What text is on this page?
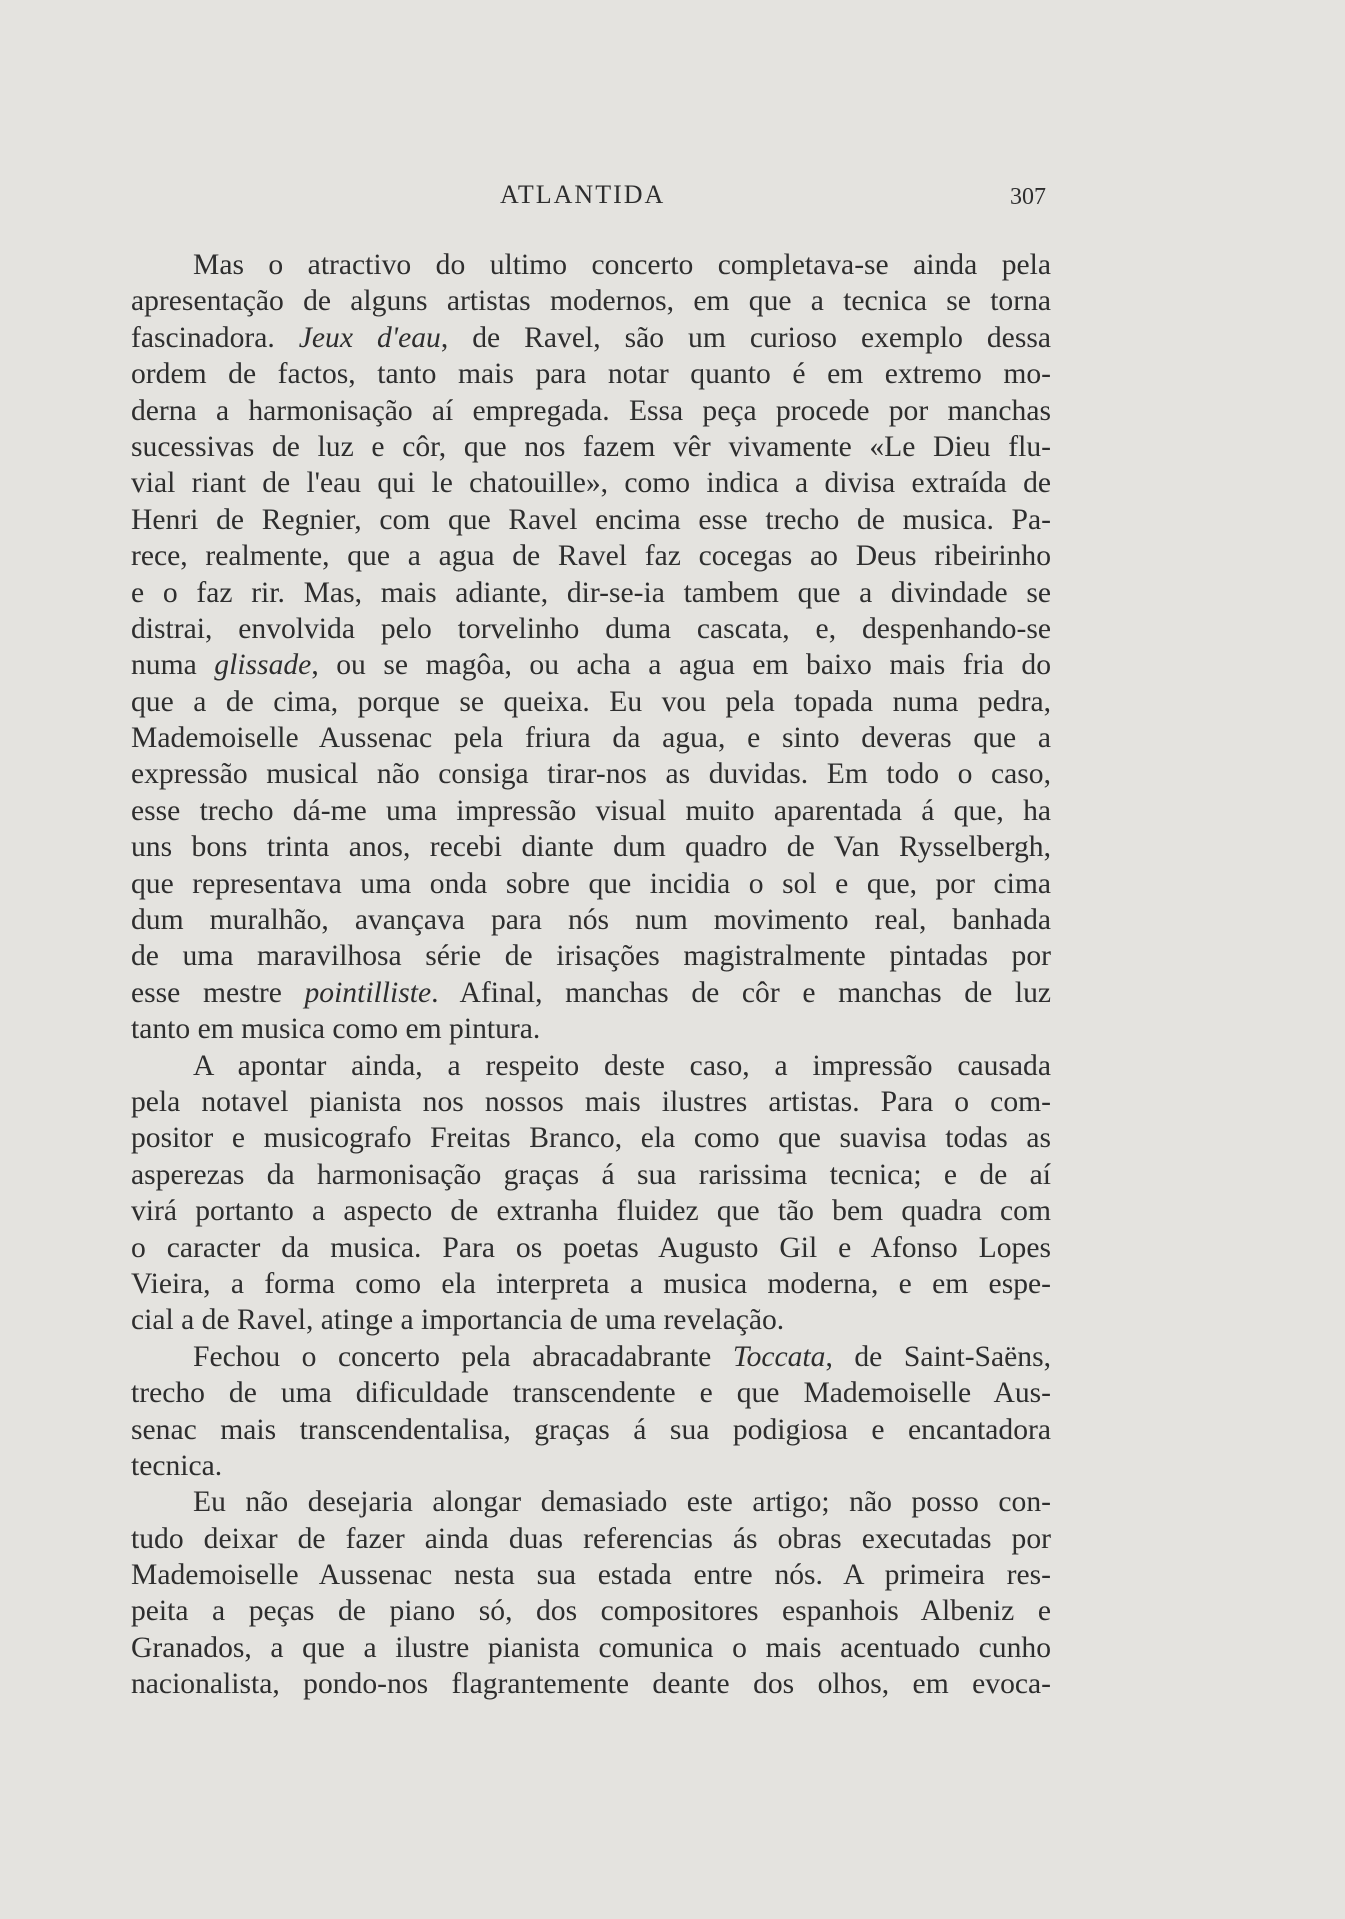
ATLANTIDA	307
Mas o atractivo do ultimo concerto completava-se ainda pela
apresentação de alguns artistas modernos, em que a tecnica se torna
fascinadora. Jeux d'eau, de Ravel, são um curioso exemplo dessa
ordem de factos, tanto mais para notar quanto é em extremo mo-
derna a harmonisação aí empregada. Essa peça procede por manchas
sucessivas de luz e côr, que nos fazem vêr vivamente «Le Dieu flu-
vial riant de l'eau qui le chatouille», como indica a divisa extraída de
Henri de Regnier, com que Ravel encima esse trecho de musica. Pa-
rece, realmente, que a agua de Ravel faz cocegas ao Deus ribeirinho
e o faz rir. Mas, mais adiante, dir-se-ia tambem que a divindade se
distrai, envolvida pelo torvelinho duma cascata, e, despenhando-se
numa glissade, ou se magôa, ou acha a agua em baixo mais fria do
que a de cima, porque se queixa. Eu vou pela topada numa pedra,
Mademoiselle Aussenac pela friura da agua, e sinto deveras que a
expressão musical não consiga tirar-nos as duvidas. Em todo o caso,
esse trecho dá-me uma impressão visual muito aparentada á que, ha
uns bons trinta anos, recebi diante dum quadro de Van Rysselbergh,
que representava uma onda sobre que incidia o sol e que, por cima
dum muralhão, avançava para nós num movimento real, banhada
de uma maravilhosa série de irisações magistralmente pintadas por
esse mestre pointilliste. Afinal, manchas de côr e manchas de luz
tanto em musica como em pintura.
A apontar ainda, a respeito deste caso, a impressão causada
pela notavel pianista nos nossos mais ilustres artistas. Para o com-
positor e musicografo Freitas Branco, ela como que suavisa todas as
asperezas da harmonisação graças á sua rarissima tecnica; e de aí
virá portanto a aspecto de extranha fluidez que tão bem quadra com
o caracter da musica. Para os poetas Augusto Gil e Afonso Lopes
Vieira, a forma como ela interpreta a musica moderna, e em espe-
cial a de Ravel, atinge a importancia de uma revelação.
Fechou o concerto pela abracadabrante Toccata, de Saint-Saëns,
trecho de uma dificuldade transcendente e que Mademoiselle Aus-
senac mais transcendentalisa, graças á sua podigiosa e encantadora
tecnica.
Eu não desejaria alongar demasiado este artigo; não posso con-
tudo deixar de fazer ainda duas referencias ás obras executadas por
Mademoiselle Aussenac nesta sua estada entre nós. A primeira res-
peita a peças de piano só, dos compositores espanhois Albeniz e
Granados, a que a ilustre pianista comunica o mais acentuado cunho
nacionalista, pondo-nos flagrantemente deante dos olhos, em evoca-
